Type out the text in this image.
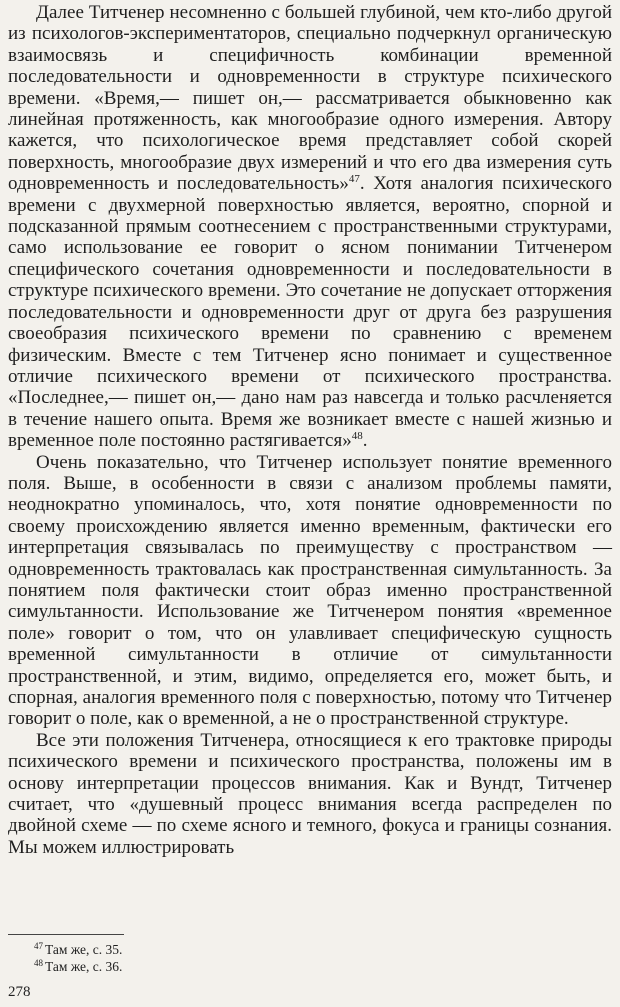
Далее Титченер несомненно с большей глубиной, чем кто-либо другой из психологов-экспериментаторов, специально подчеркнул органическую взаимосвязь и специфичность комбинации временной последовательности и одновременности в структуре психического времени. «Время,— пишет он,— рассматривается обыкновенно как линейная протяженность, как многообразие одного измерения. Автору кажется, что психологическое время представляет собой скорей поверхность, многообразие двух измерений и что его два измерения суть одновременность и последовательность»$^{47}$. Хотя аналогия психического времени с двухмерной поверхностью является, вероятно, спорной и подсказанной прямым соотнесением с пространственными структурами, само использование ее говорит о ясном понимании Титченером специфического сочетания одновременности и последовательности в структуре психического времени. Это сочетание не допускает отторжения последовательности и одновременности друг от друга без разрушения своеобразия психического времени по сравнению с временем физическим. Вместе с тем Титченер ясно понимает и существенное отличие психического времени от психического пространства. «Последнее,— пишет он,— дано нам раз навсегда и только расчленяется в течение нашего опыта. Время же возникает вместе с нашей жизнью и временное поле постоянно растягивается»$^{48}$.

Очень показательно, что Титченер использует понятие временного поля. Выше, в особенности в связи с анализом проблемы памяти, неоднократно упоминалось, что, хотя понятие одновременности по своему происхождению является именно временным, фактически его интерпретация связывалась по преимуществу с пространством — одновременность трактовалась как пространственная симультанность. За понятием поля фактически стоит образ именно пространственной симультанности. Использование же Титченером понятия «временное поле» говорит о том, что он улавливает специфическую сущность временной симультанности в отличие от симультанности пространственной, и этим, видимо, определяется его, может быть, и спорная, аналогия временного поля с поверхностью, потому что Титченер говорит о поле, как о временной, а не о пространственной структуре.

Все эти положения Титченера, относящиеся к его трактовке природы психического времени и психического пространства, положены им в основу интерпретации процессов внимания. Как и Вундт, Титченер считает, что «душевный процесс внимания всегда распределен по двойной схеме — по схеме ясного и темного, фокуса и границы сознания. Мы можем иллюстрировать

$^{47}$ Там же, с. 35.
$^{48}$ Там же, с. 36.
278
